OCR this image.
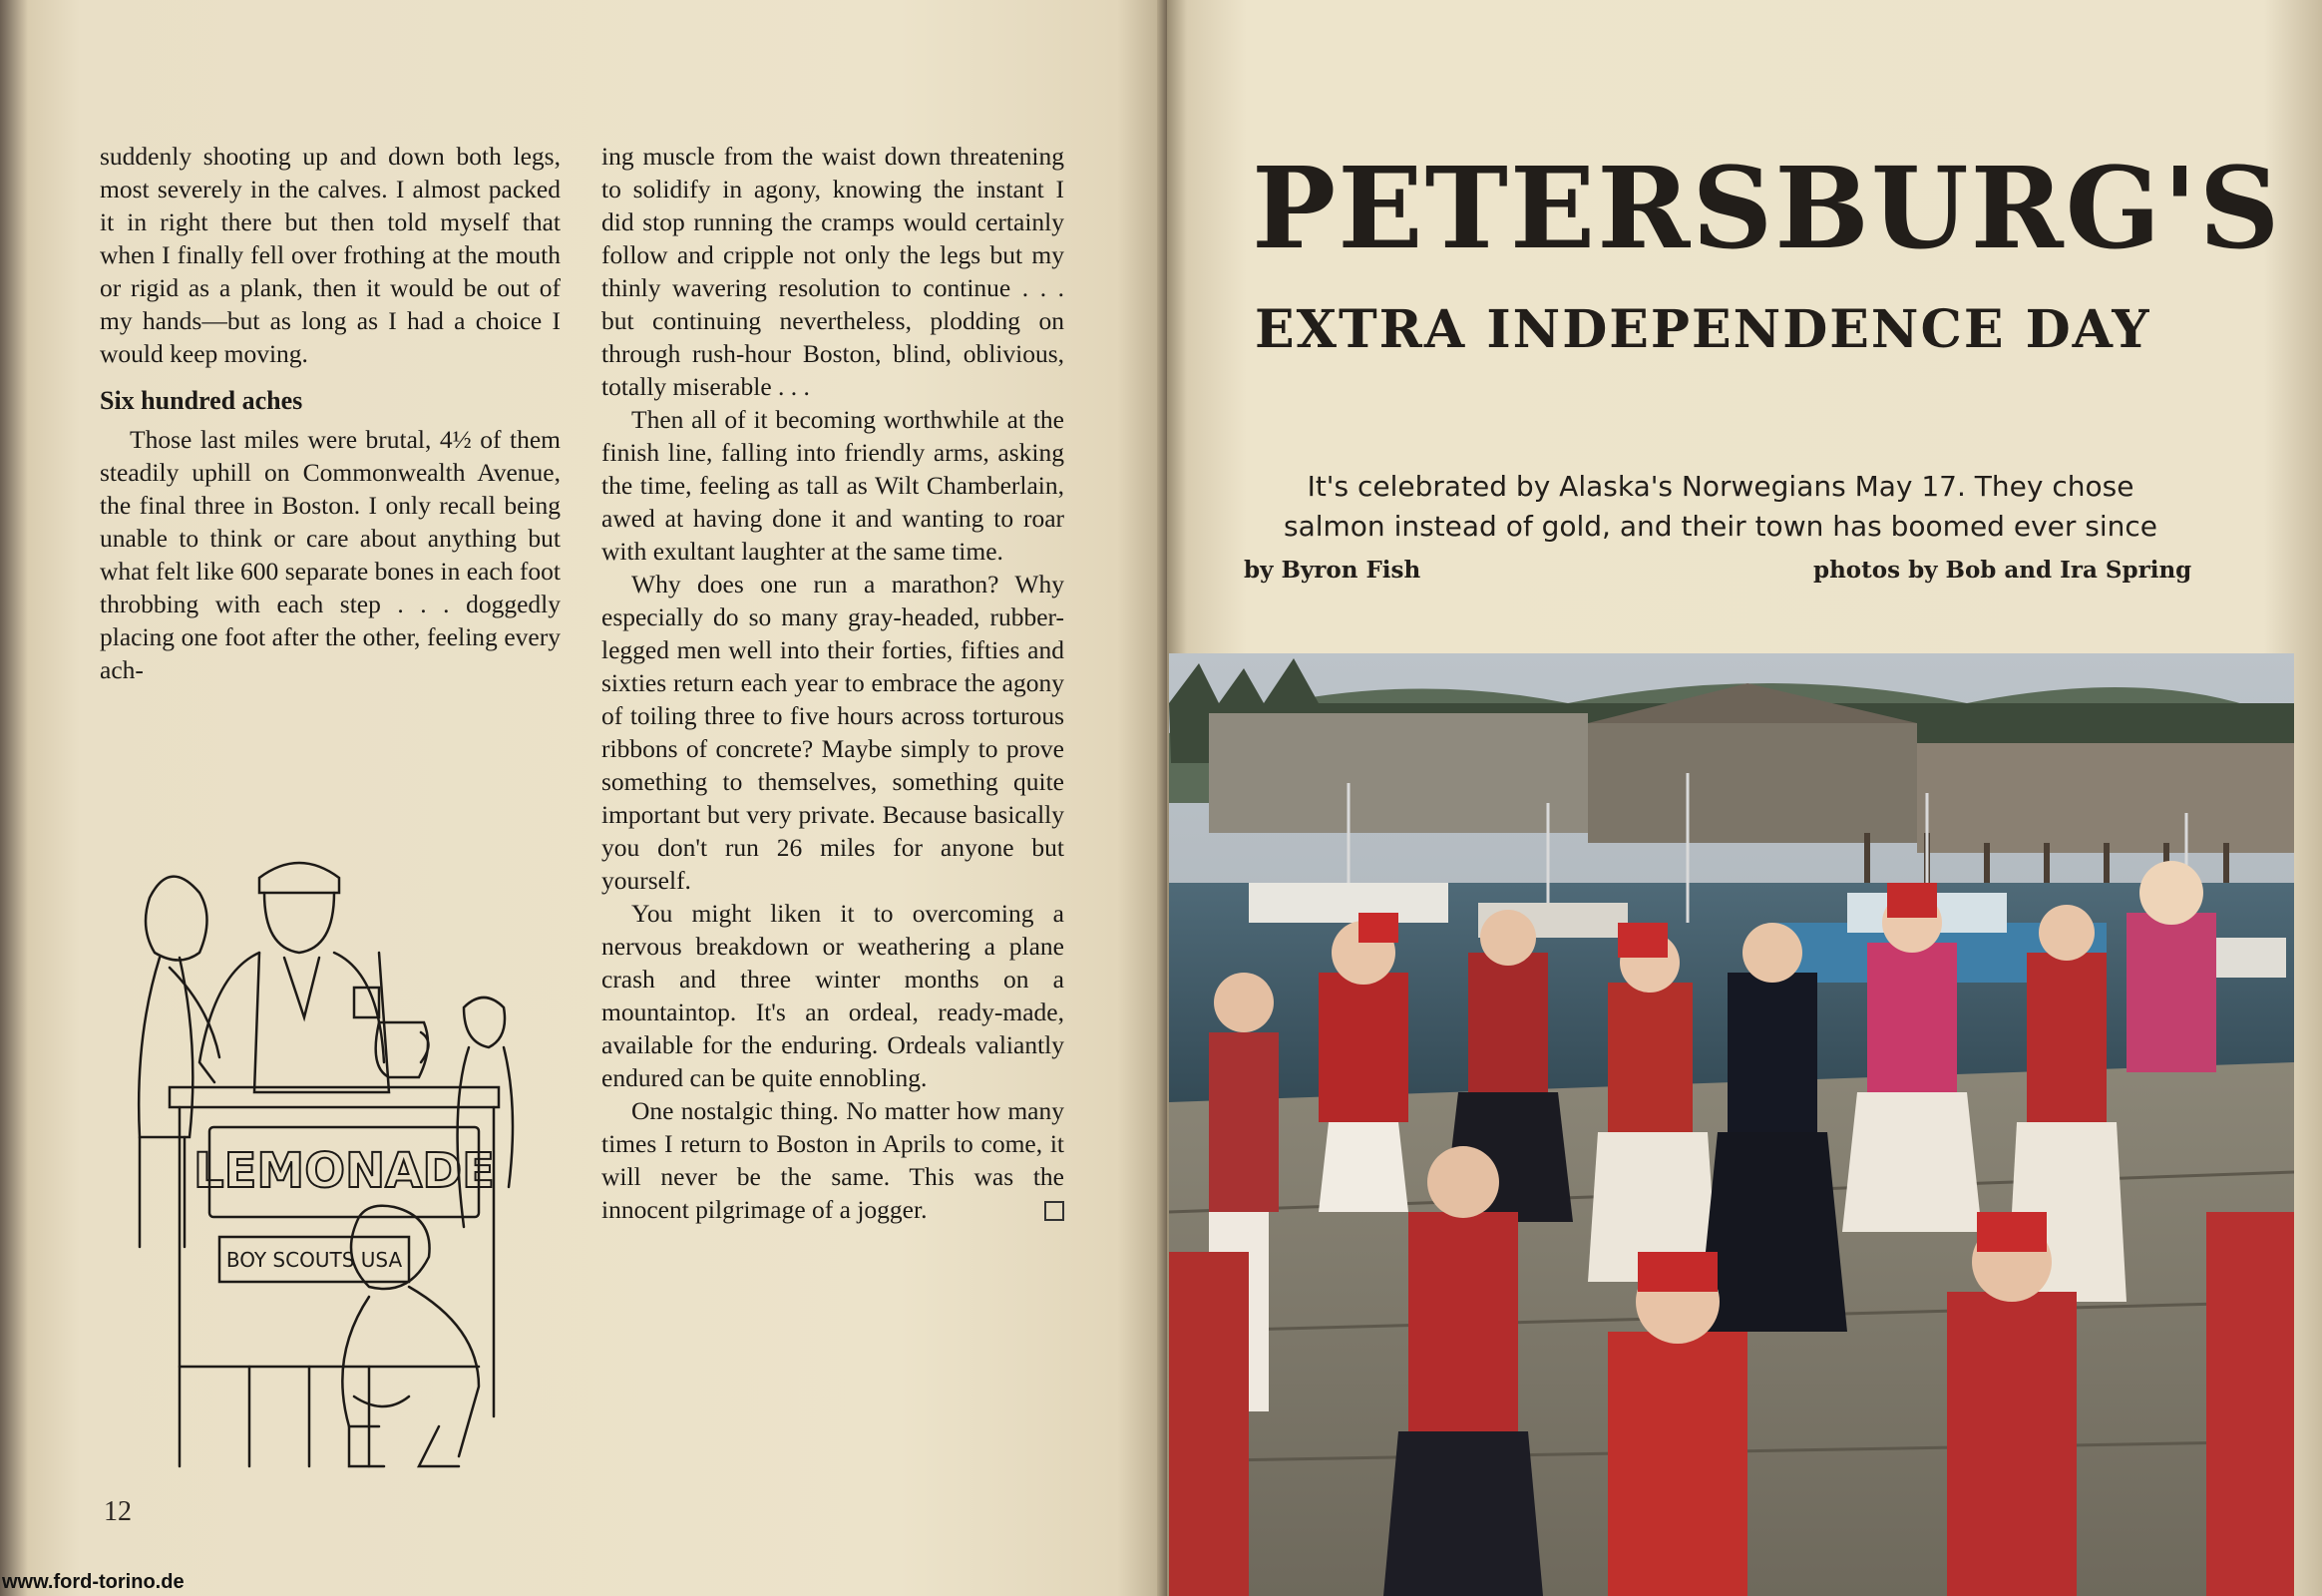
suddenly shooting up and down both legs, most severely in the calves. I almost packed it in right there but then told myself that when I finally fell over frothing at the mouth or rigid as a plank, then it would be out of my hands—but as long as I had a choice I would keep moving.

Six hundred aches

Those last miles were brutal, 4½ of them steadily uphill on Commonwealth Avenue, the final three in Boston. I only recall being unable to think or care about anything but what felt like 600 separate bones in each foot throbbing with each step . . . doggedly placing one foot after the other, feeling every ach-

ing muscle from the waist down threatening to solidify in agony, knowing the instant I did stop running the cramps would certainly follow and cripple not only the legs but my thinly wavering resolution to continue . . . but continuing nevertheless, plodding on through rush-hour Boston, blind, oblivious, totally miserable . . .

Then all of it becoming worthwhile at the finish line, falling into friendly arms, asking the time, feeling as tall as Wilt Chamberlain, awed at having done it and wanting to roar with exultant laughter at the same time.

Why does one run a marathon? Why especially do so many gray-headed, rubber-legged men well into their forties, fifties and sixties return each year to embrace the agony of toiling three to five hours across torturous ribbons of concrete? Maybe simply to prove something to themselves, something quite important but very private. Because basically you don't run 26 miles for anyone but yourself.

You might liken it to overcoming a nervous breakdown or weathering a plane crash and three winter months on a mountaintop. It's an ordeal, ready-made, available for the enduring. Ordeals valiantly endured can be quite ennobling.

One nostalgic thing. No matter how many times I return to Boston in Aprils to come, it will never be the same. This was the innocent pilgrimage of a jogger.

LEMONADE
BOY SCOUTS USA
12
www.ford-torino.de
PETERSBURG'S
EXTRA INDEPENDENCE DAY
It's celebrated by Alaska's Norwegians May 17. They chose
salmon instead of gold, and their town has boomed ever since
by Byron Fish	photos by Bob and Ira Spring
